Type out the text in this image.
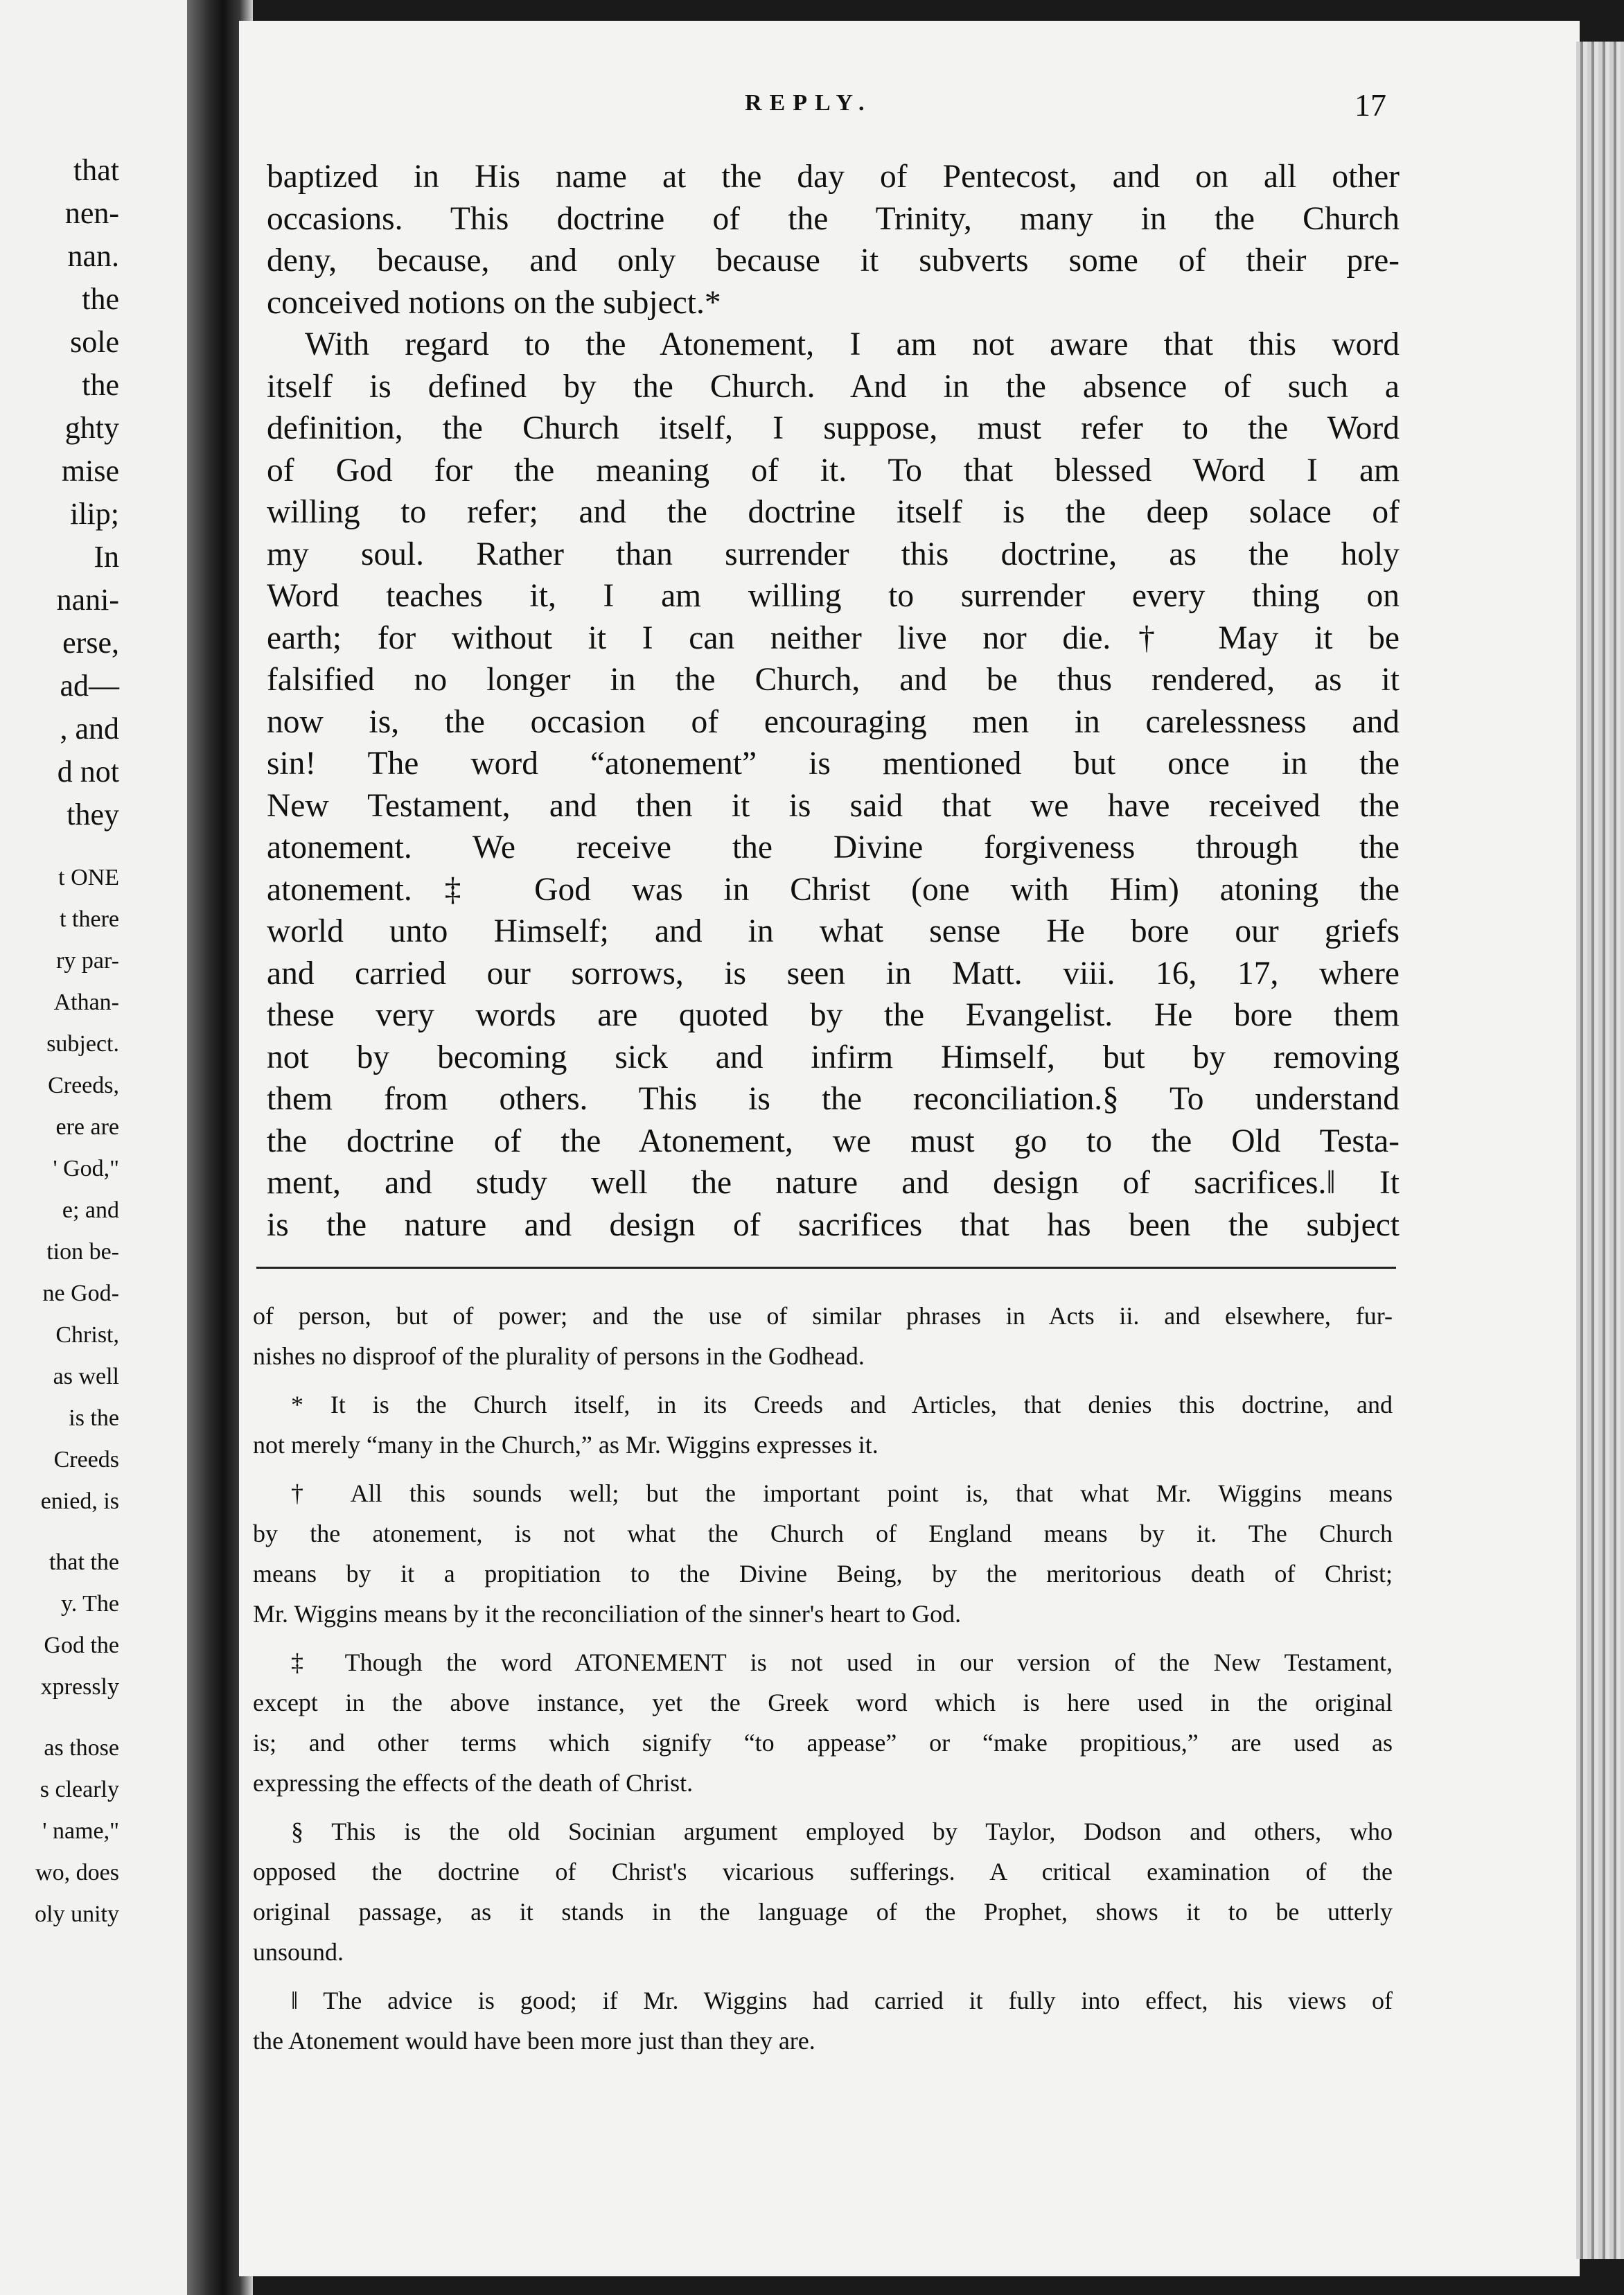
that
nen-
nan.
the
sole
the
ghty
mise
ilip;
In
nani-
erse,
ad—
, and
d not
they
t ONE
t there
ry par-
Athan-
subject.
Creeds,
ere are
' God,"
e; and
tion be-
ne God-
Christ,
as well
is the
Creeds
enied, is
that the
y. The
God the
xpressly
as those
s clearly
' name,"
wo, does
oly unity
REPLY.	17
baptized in His name at the day of Pentecost, and on all other
occasions. This doctrine of the Trinity, many in the Church
deny, because, and only because it subverts some of their pre-
conceived notions on the subject.*
With regard to the Atonement, I am not aware that this word
itself is defined by the Church. And in the absence of such a
definition, the Church itself, I suppose, must refer to the Word
of God for the meaning of it. To that blessed Word I am
willing to refer; and the doctrine itself is the deep solace of
my soul. Rather than surrender this doctrine, as the holy
Word teaches it, I am willing to surrender every thing on
earth; for without it I can neither live nor die.† May it be
falsified no longer in the Church, and be thus rendered, as it
now is, the occasion of encouraging men in carelessness and
sin! The word “atonement” is mentioned but once in the
New Testament, and then it is said that we have received the
atonement. We receive the Divine forgiveness through the
atonement.‡ God was in Christ (one with Him) atoning the
world unto Himself; and in what sense He bore our griefs
and carried our sorrows, is seen in Matt. viii. 16, 17, where
these very words are quoted by the Evangelist. He bore them
not by becoming sick and infirm Himself, but by removing
them from others. This is the reconciliation.§ To understand
the doctrine of the Atonement, we must go to the Old Testa-
ment, and study well the nature and design of sacrifices.‖ It
is the nature and design of sacrifices that has been the subject
of person, but of power; and the use of similar phrases in Acts ii. and elsewhere, fur-
nishes no disproof of the plurality of persons in the Godhead.
* It is the Church itself, in its Creeds and Articles, that denies this doctrine, and
not merely “many in the Church,” as Mr. Wiggins expresses it.
† All this sounds well; but the important point is, that what Mr. Wiggins means
by the atonement, is not what the Church of England means by it. The Church
means by it a propitiation to the Divine Being, by the meritorious death of Christ;
Mr. Wiggins means by it the reconciliation of the sinner's heart to God.
‡ Though the word ATONEMENT is not used in our version of the New Testament,
except in the above instance, yet the Greek word which is here used in the original
is; and other terms which signify “to appease” or “make propitious,” are used as
expressing the effects of the death of Christ.
§ This is the old Socinian argument employed by Taylor, Dodson and others, who
opposed the doctrine of Christ's vicarious sufferings. A critical examination of the
original passage, as it stands in the language of the Prophet, shows it to be utterly
unsound.
‖ The advice is good; if Mr. Wiggins had carried it fully into effect, his views of
the Atonement would have been more just than they are.
